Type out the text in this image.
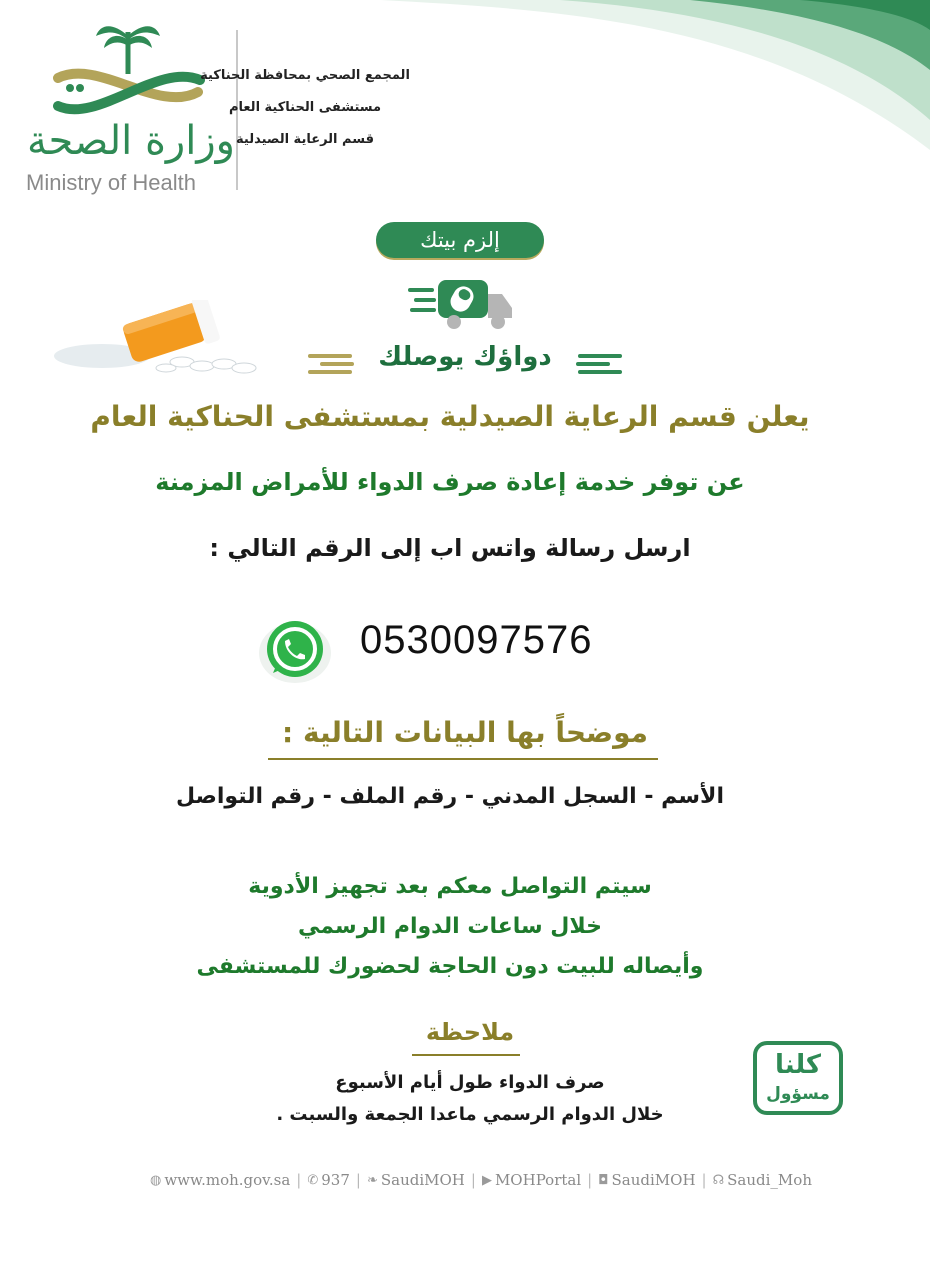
وزارة الصحة
Ministry of Health
المجمع الصحي بمحافظة الحناكية
مستشفى الحناكية العام
قسم الرعاية الصيدلية
إلزم بيتك
دواؤك يوصلك
يعلن قسم الرعاية الصيدلية بمستشفى الحناكية العام
عن توفر خدمة إعادة صرف الدواء للأمراض المزمنة
ارسل رسالة واتس اب إلى الرقم التالي :
0530097576
موضحاً بها البيانات التالية :
الأسم - السجل المدني - رقم الملف - رقم التواصل
سيتم التواصل معكم بعد تجهيز الأدوية
خلال ساعات الدوام الرسمي
وأيصاله للبيت دون الحاجة لحضورك للمستشفى
ملاحظة
صرف الدواء طول أيام الأسبوع
خلال الدوام الرسمي ماعدا الجمعة والسبت .
كلنا
مسؤول
◍ www.moh.gov.sa | ✆ 937 | ❧ SaudiMOH | ▶ MOHPortal | ◘ SaudiMOH | ☊ Saudi_Moh
